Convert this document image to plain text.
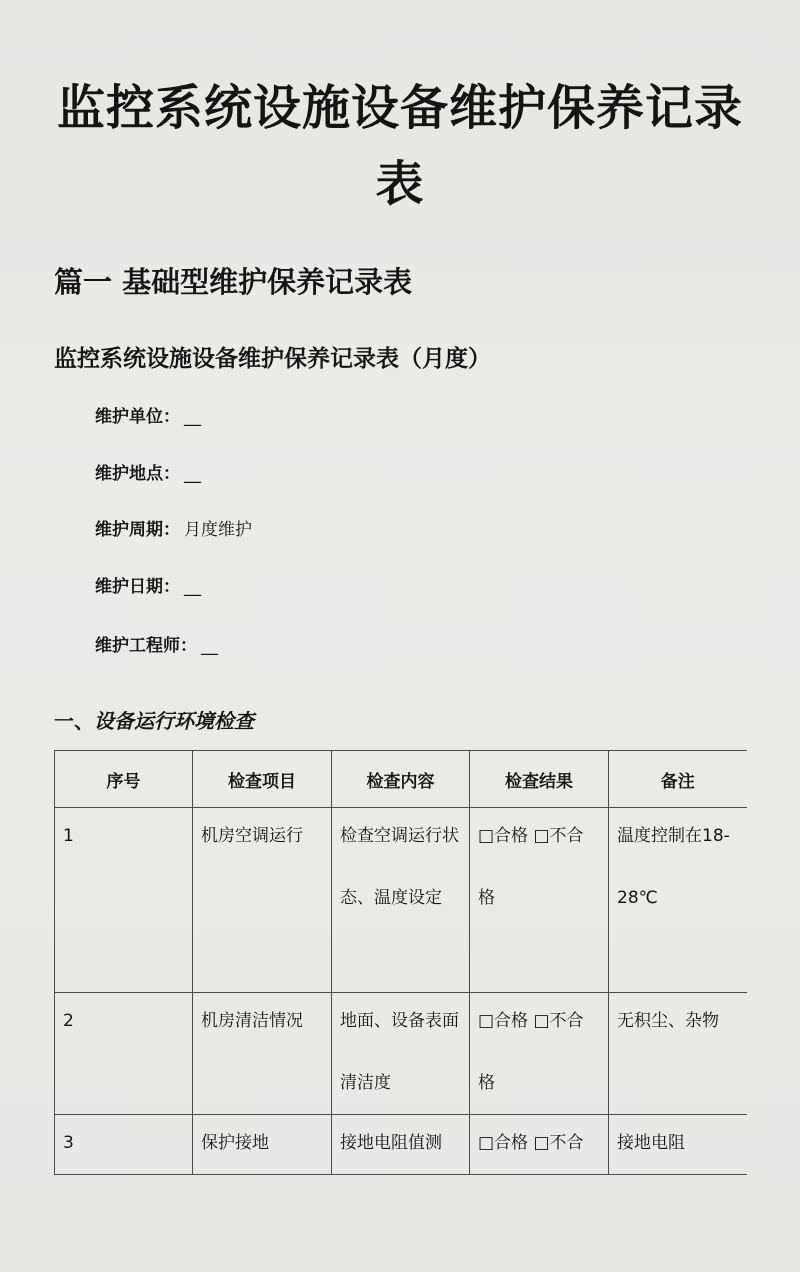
监控系统设施设备维护保养记录表
篇一 基础型维护保养记录表
监控系统设施设备维护保养记录表（月度）
维护单位： __
维护地点： __
维护周期： 月度维护
维护日期： __
维护工程师： __
一、设备运行环境检查
序号	检查项目	检查内容	检查结果	备注

1	机房空调运行	检查空调运行状态、温度设定	□合格 □不合格	温度控制在18-28℃

2	机房清洁情况	地面、设备表面清洁度	□合格 □不合格	无积尘、杂物

3	保护接地	接地电阻值测	□合格 □不合	接地电阻
